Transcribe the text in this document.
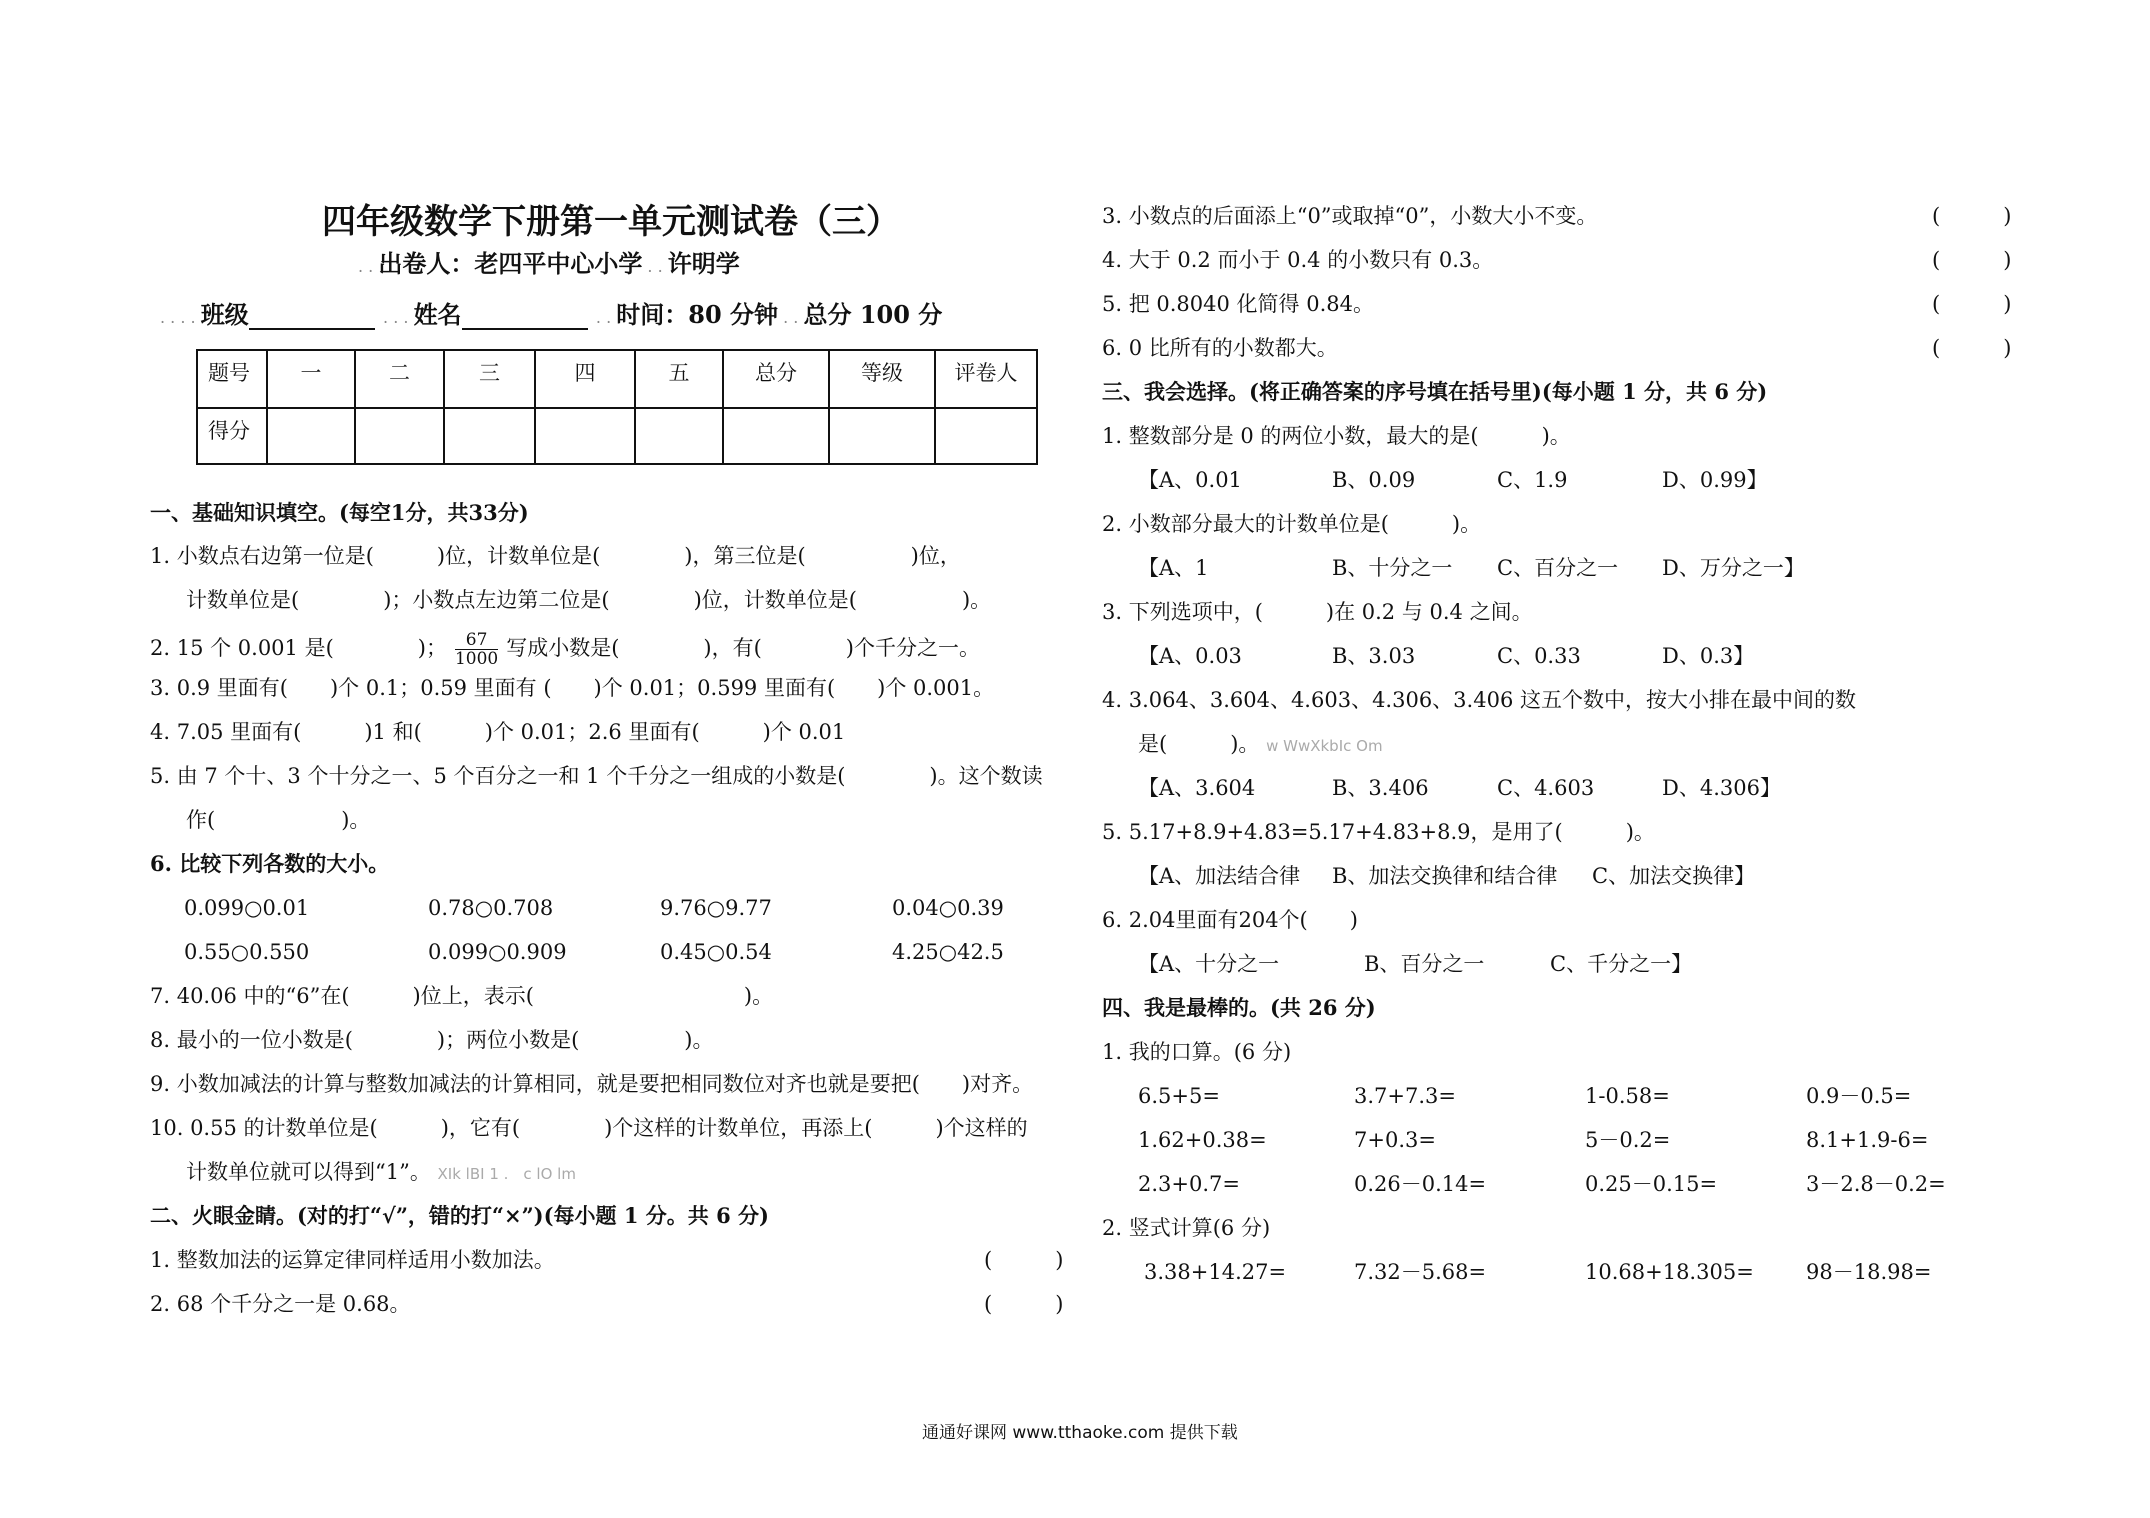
四年级数学下册第一单元测试卷（三）
. . 出卷人：老四平中心小学 . . 许明学
. . . . 班级	. . . 姓名	. . 时间：80 分钟 . . 总分 100 分
题号	一	二	三	四	五	总分	等级	评卷人
得分								
一、基础知识填空。(每空1分，共33分)
1. 小数点右边第一位是(　　　)位，计数单位是(　　　　)，第三位是(　　　　　)位，
计数单位是(　　　　)；小数点左边第二位是(　　　　)位，计数单位是(　　　　　)。
2. 15 个 0.001 是(　　　　)； $\frac{67}{1000}$ 写成小数是(　　　　)，有(　　　　)个千分之一。
3. 0.9 里面有(　　)个 0.1；0.59 里面有 (　　)个 0.01；0.599 里面有(　　)个 0.001。
4. 7.05 里面有(　　　)1 和(　　　)个 0.01；2.6 里面有(　　　)个 0.01
5. 由 7 个十、3 个十分之一、5 个百分之一和 1 个千分之一组成的小数是(　　　　)。这个数读
作(　　　　　　)。
6. 比较下列各数的大小。
0.099○0.01	0.78○0.708	9.76○9.77	0.04○0.39
0.55○0.550	0.099○0.909	0.45○0.54	4.25○42.5
7. 40.06 中的“6”在(　　　)位上，表示(　　　　　　　　　　)。
8. 最小的一位小数是(　　　　)；两位小数是(　　　　　)。
9. 小数加减法的计算与整数加减法的计算相同，就是要把相同数位对齐也就是要把(　　)对齐。
10. 0.55 的计数单位是(　　　)，它有(　　　　)个这样的计数单位，再添上(　　　)个这样的
计数单位就可以得到“1”。 XIk lBI 1 .　c lO lm
二、火眼金睛。(对的打“√”，错的打“×”)(每小题 1 分。共 6 分)
1. 整数加法的运算定律同样适用小数加法。	(　　　)
2. 68 个千分之一是 0.68。	(　　　)
3. 小数点的后面添上“0”或取掉“0”，小数大小不变。	(　　　)
4. 大于 0.2 而小于 0.4 的小数只有 0.3。	(　　　)
5. 把 0.8040 化简得 0.84。	(　　　)
6. 0 比所有的小数都大。	(　　　)
三、我会选择。(将正确答案的序号填在括号里)(每小题 1 分，共 6 分)
1. 整数部分是 0 的两位小数，最大的是(　　　)。
【A、0.01	B、0.09	C、1.9	D、0.99】
2. 小数部分最大的计数单位是(　　　)。
【A、1	B、十分之一 C、百分之一 D、万分之一】
3. 下列选项中，(　　　)在 0.2 与 0.4 之间。
【A、0.03	B、3.03	C、0.33	D、0.3】
4. 3.064、3.604、4.603、4.306、3.406 这五个数中，按大小排在最中间的数
是(　　　)。 w WwXkbIc Om
【A、3.604	B、3.406	C、4.603	D、4.306】
5. 5.17+8.9+4.83=5.17+4.83+8.9，是用了(　　　)。
【A、加法结合律 B、加法交换律和结合律 C、加法交换律】
6. 2.04里面有204个(　　)
【A、十分之一	B、百分之一	C、千分之一】
四、我是最棒的。(共 26 分)
1. 我的口算。(6 分)
6.5+5=	3.7+7.3=	1-0.58=	0.9－0.5=
1.62+0.38=	7+0.3=	5－0.2=	8.1+1.9-6=
2.3+0.7=	0.26－0.14=	0.25－0.15=	3－2.8－0.2=
2. 竖式计算(6 分)
3.38+14.27=	7.32－5.68=	10.68+18.305= 98－18.98=
通通好课网 www.tthaoke.com 提供下载
